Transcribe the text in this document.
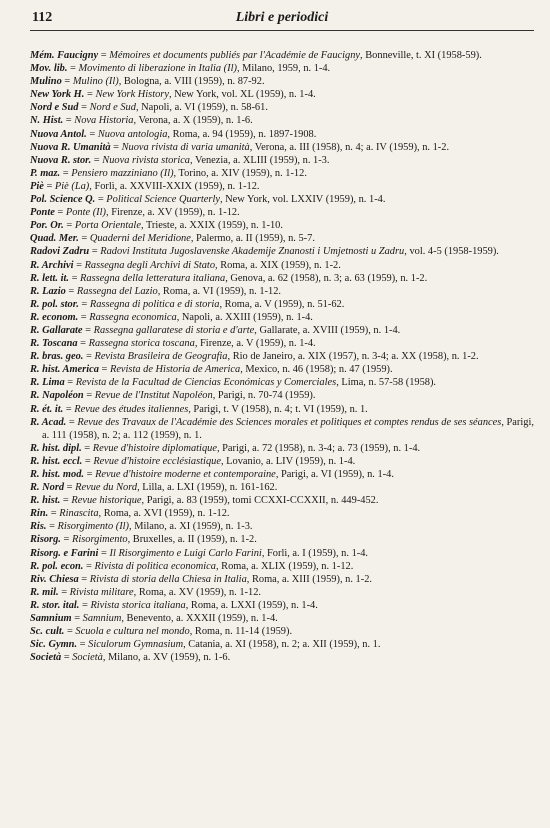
112	Libri e periodici

Mém. Faucigny = Mémoires et documents publiés par l'Académie de Faucigny, Bonneville, t. XI (1958-59).

Mov. lib. = Movimento di liberazione in Italia (Il), Milano, 1959, n. 1-4.

Mulino = Mulino (Il), Bologna, a. VIII (1959), n. 87-92.

New York H. = New York History, New York, vol. XL (1959), n. 1-4.

Nord e Sud = Nord e Sud, Napoli, a. VI (1959), n. 58-61.

N. Hist. = Nova Historia, Verona, a. X (1959), n. 1-6.

Nuova Antol. = Nuova antologia, Roma, a. 94 (1959), n. 1897-1908.

Nuova R. Umanità = Nuova rivista di varia umanità, Verona, a. III (1958), n. 4; a. IV (1959), n. 1-2.

Nuova R. stor. = Nuova rivista storica, Venezia, a. XLIII (1959), n. 1-3.

P. maz. = Pensiero mazziniano (Il), Torino, a. XIV (1959), n. 1-12.

Piè = Piè (La), Forlì, a. XXVIII-XXIX (1959), n. 1-12.

Pol. Science Q. = Political Science Quarterly, New York, vol. LXXIV (1959), n. 1-4.

Ponte = Ponte (Il), Firenze, a. XV (1959), n. 1-12.

Por. Or. = Porta Orientale, Trieste, a. XXIX (1959), n. 1-10.

Quad. Mer. = Quaderni del Meridione, Palermo, a. II (1959), n. 5-7.

Radovi Zadru = Radovi Instituta Jugoslavenske Akademije Znanosti i Umjetnosti u Zadru, vol. 4-5 (1958-1959).

R. Archivi = Rassegna degli Archivi di Stato, Roma, a. XIX (1959), n. 1-2.

R. lett. it. = Rassegna della letteratura italiana, Genova, a. 62 (1958), n. 3; a. 63 (1959), n. 1-2.

R. Lazio = Rassegna del Lazio, Roma, a. VI (1959), n. 1-12.

R. pol. stor. = Rassegna di politica e di storia, Roma, a. V (1959), n. 51-62.

R. econom. = Rassegna economica, Napoli, a. XXIII (1959), n. 1-4.

R. Gallarate = Rassegna gallaratese di storia e d'arte, Gallarate, a. XVIII (1959), n. 1-4.

R. Toscana = Rassegna storica toscana, Firenze, a. V (1959), n. 1-4.

R. bras. geo. = Revista Brasileira de Geografia, Rio de Janeiro, a. XIX (1957), n. 3-4; a. XX (1958), n. 1-2.

R. hist. America = Revista de Historia de America, Mexico, n. 46 (1958); n. 47 (1959).

R. Lima = Revista de la Facultad de Ciencias Económicas y Comerciales, Lima, n. 57-58 (1958).

R. Napoléon = Revue de l'Institut Napoléon, Parigi, n. 70-74 (1959).

R. ét. it. = Revue des études italiennes, Parigi, t. V (1958), n. 4; t. VI (1959), n. 1.

R. Acad. = Revue des Travaux de l'Académie des Sciences morales et politiques et comptes rendus de ses séances, Parigi, a. 111 (1958), n. 2; a. 112 (1959), n. 1.

R. hist. dipl. = Revue d'histoire diplomatique, Parigi, a. 72 (1958), n. 3-4; a. 73 (1959), n. 1-4.

R. hist. eccl. = Revue d'histoire ecclésiastique, Lovanio, a. LIV (1959), n. 1-4.

R. hist. mod. = Revue d'histoire moderne et contemporaine, Parigi, a. VI (1959), n. 1-4.

R. Nord = Revue du Nord, Lilla, a. LXI (1959), n. 161-162.

R. hist. = Revue historique, Parigi, a. 83 (1959), tomi CCXXI-CCXXII, n. 449-452.

Rin. = Rinascita, Roma, a. XVI (1959), n. 1-12.

Ris. = Risorgimento (Il), Milano, a. XI (1959), n. 1-3.

Risorg. = Risorgimento, Bruxelles, a. II (1959), n. 1-2.

Risorg. e Farini = Il Risorgimento e Luigi Carlo Farini, Forlì, a. I (1959), n. 1-4.

R. pol. econ. = Rivista di politica economica, Roma, a. XLIX (1959), n. 1-12.

Riv. Chiesa = Rivista di storia della Chiesa in Italia, Roma, a. XIII (1959), n. 1-2.

R. mil. = Rivista militare, Roma, a. XV (1959), n. 1-12.

R. stor. ital. = Rivista storica italiana, Roma, a. LXXI (1959), n. 1-4.

Samnium = Samnium, Benevento, a. XXXII (1959), n. 1-4.

Sc. cult. = Scuola e cultura nel mondo, Roma, n. 11-14 (1959).

Sic. Gymn. = Siculorum Gymnasium, Catania, a. XI (1958), n. 2; a. XII (1959), n. 1.

Società = Società, Milano, a. XV (1959), n. 1-6.
